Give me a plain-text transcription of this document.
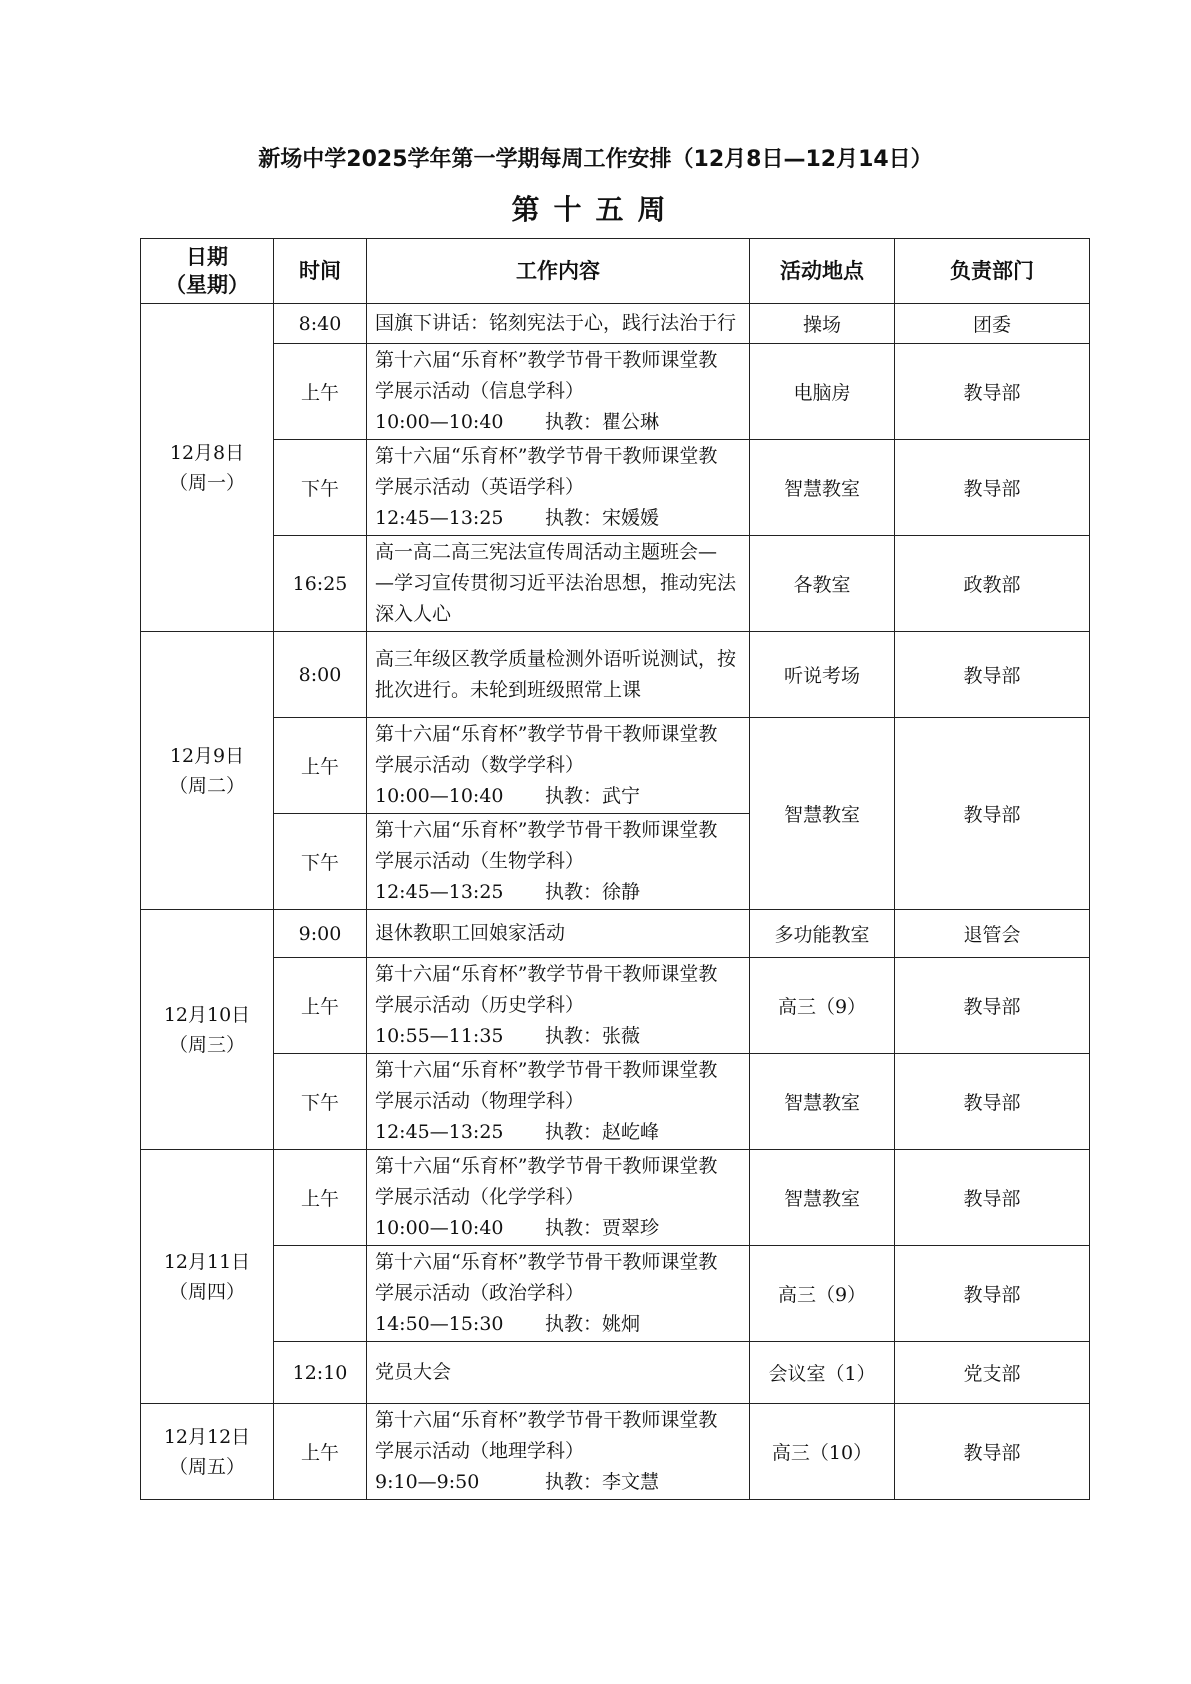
新场中学2025学年第一学期每周工作安排（12月8日—12月14日）
第十五周
日期
（星期）	时间	工作内容	活动地点	负责部门

12月8日
（周一）	8:40	国旗下讲话：铭刻宪法于心，践行法治于行	操场	团委
	上午	第十六届“乐育杯”教学节骨干教师课堂教
学展示活动（信息学科）
10:00—10:40 执教：瞿公琳	电脑房	教导部
	下午	第十六届“乐育杯”教学节骨干教师课堂教
学展示活动（英语学科）
12:45—13:25 执教：宋媛媛	智慧教室	教导部
	16:25	高一高二高三宪法宣传周活动主题班会—
—学习宣传贯彻习近平法治思想，推动宪法
深入人心	各教室	政教部

12月9日
（周二）	8:00	高三年级区教学质量检测外语听说测试，按
批次进行。未轮到班级照常上课	听说考场	教导部
	上午	第十六届“乐育杯”教学节骨干教师课堂教
学展示活动（数学学科）
10:00—10:40 执教：武宁	智慧教室	教导部
	下午	第十六届“乐育杯”教学节骨干教师课堂教
学展示活动（生物学科）
12:45—13:25 执教：徐静		

12月10日
（周三）	9:00	退休教职工回娘家活动	多功能教室	退管会
	上午	第十六届“乐育杯”教学节骨干教师课堂教
学展示活动（历史学科）
10:55—11:35 执教：张薇	高三（9）	教导部
	下午	第十六届“乐育杯”教学节骨干教师课堂教
学展示活动（物理学科）
12:45—13:25 执教：赵屹峰	智慧教室	教导部

12月11日
（周四）	上午	第十六届“乐育杯”教学节骨干教师课堂教
学展示活动（化学学科）
10:00—10:40 执教：贾翠珍	智慧教室	教导部

		第十六届“乐育杯”教学节骨干教师课堂教
学展示活动（政治学科）
14:50—15:30 执教：姚炯	高三（9）	教导部
	12:10	党员大会	会议室（1）	党支部

12月12日
（周五）	上午	第十六届“乐育杯”教学节骨干教师课堂教
学展示活动（地理学科）
9:10—9:50 执教：李文慧	高三（10）	教导部
